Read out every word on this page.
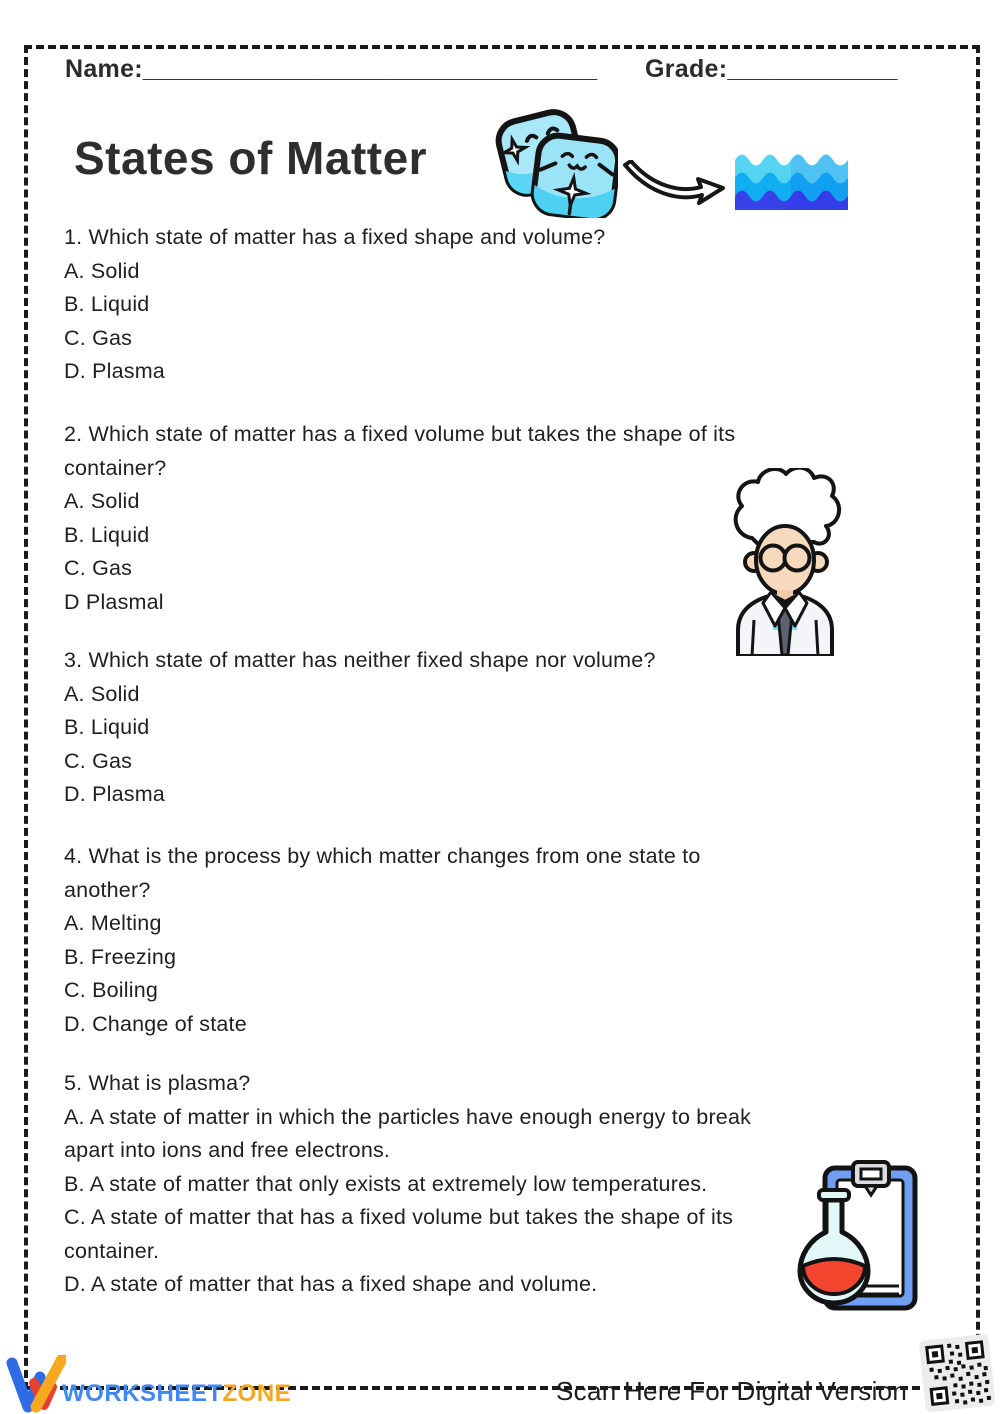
Name:________________________________ Grade:____________
States of Matter
1. Which state of matter has a fixed shape and volume?
A. Solid
B. Liquid
C. Gas
D. Plasma
2. Which state of matter has a fixed volume but takes the shape of its
container?
A. Solid
B. Liquid
C. Gas
D Plasmal
3. Which state of matter has neither fixed shape nor volume?
A. Solid
B. Liquid
C. Gas
D. Plasma
4. What is the process by which matter changes from one state to
another?
A. Melting
B. Freezing
C. Boiling
D. Change of state
5. What is plasma?
A. A state of matter in which the particles have enough energy to break
apart into ions and free electrons.
B. A state of matter that only exists at extremely low temperatures.
C. A state of matter that has a fixed volume but takes the shape of its
container.
D. A state of matter that has a fixed shape and volume.
WORKSHEETZONE	Scan Here For Digital Version
